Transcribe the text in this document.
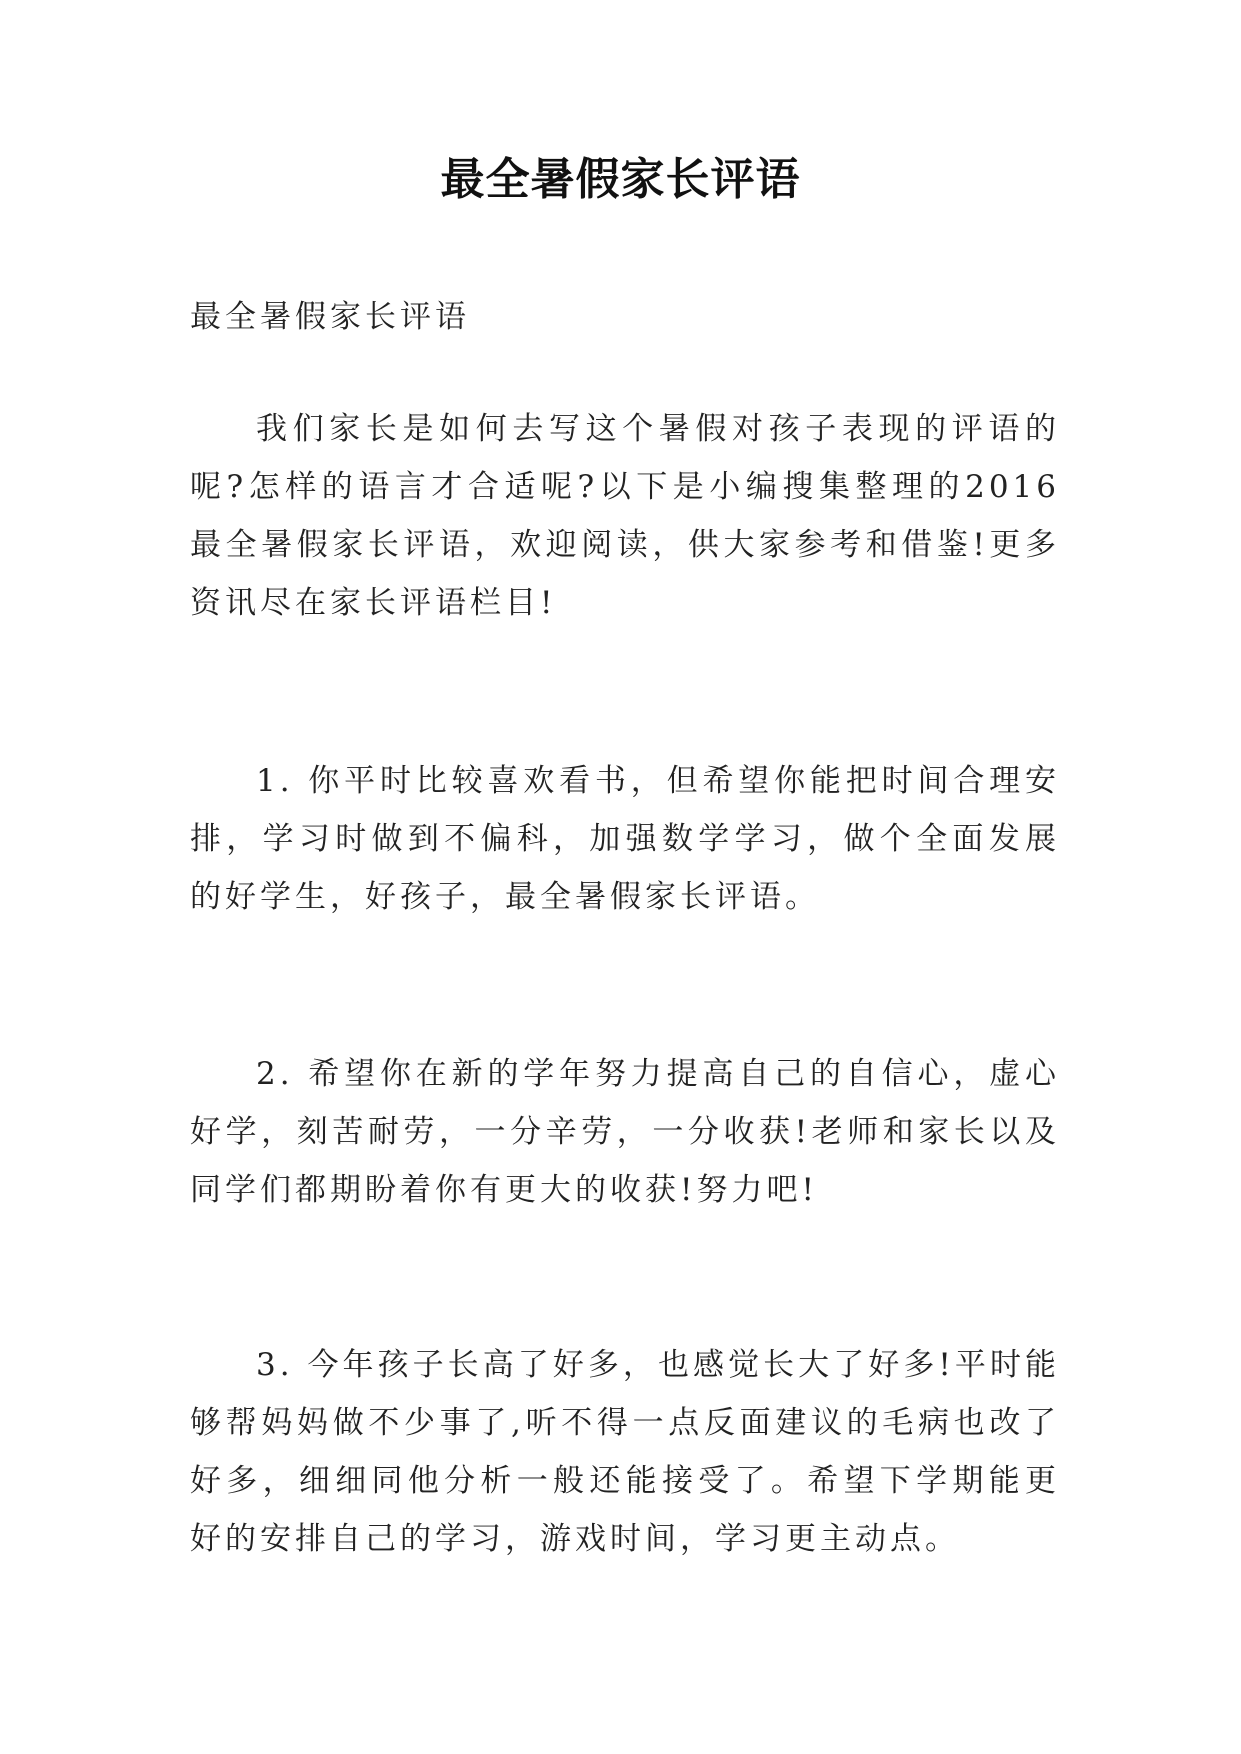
最全暑假家长评语
最全暑假家长评语
我们家长是如何去写这个暑假对孩子表现的评语的呢?怎样的语言才合适呢?以下是小编搜集整理的2016最全暑假家长评语，欢迎阅读，供大家参考和借鉴!更多资讯尽在家长评语栏目!
1. 你平时比较喜欢看书，但希望你能把时间合理安排，学习时做到不偏科，加强数学学习，做个全面发展的好学生，好孩子，最全暑假家长评语。
2. 希望你在新的学年努力提高自己的自信心，虚心好学，刻苦耐劳，一分辛劳，一分收获!老师和家长以及同学们都期盼着你有更大的收获!努力吧!
3. 今年孩子长高了好多，也感觉长大了好多!平时能够帮妈妈做不少事了,听不得一点反面建议的毛病也改了好多，细细同他分析一般还能接受了。希望下学期能更好的安排自己的学习，游戏时间，学习更主动点。
